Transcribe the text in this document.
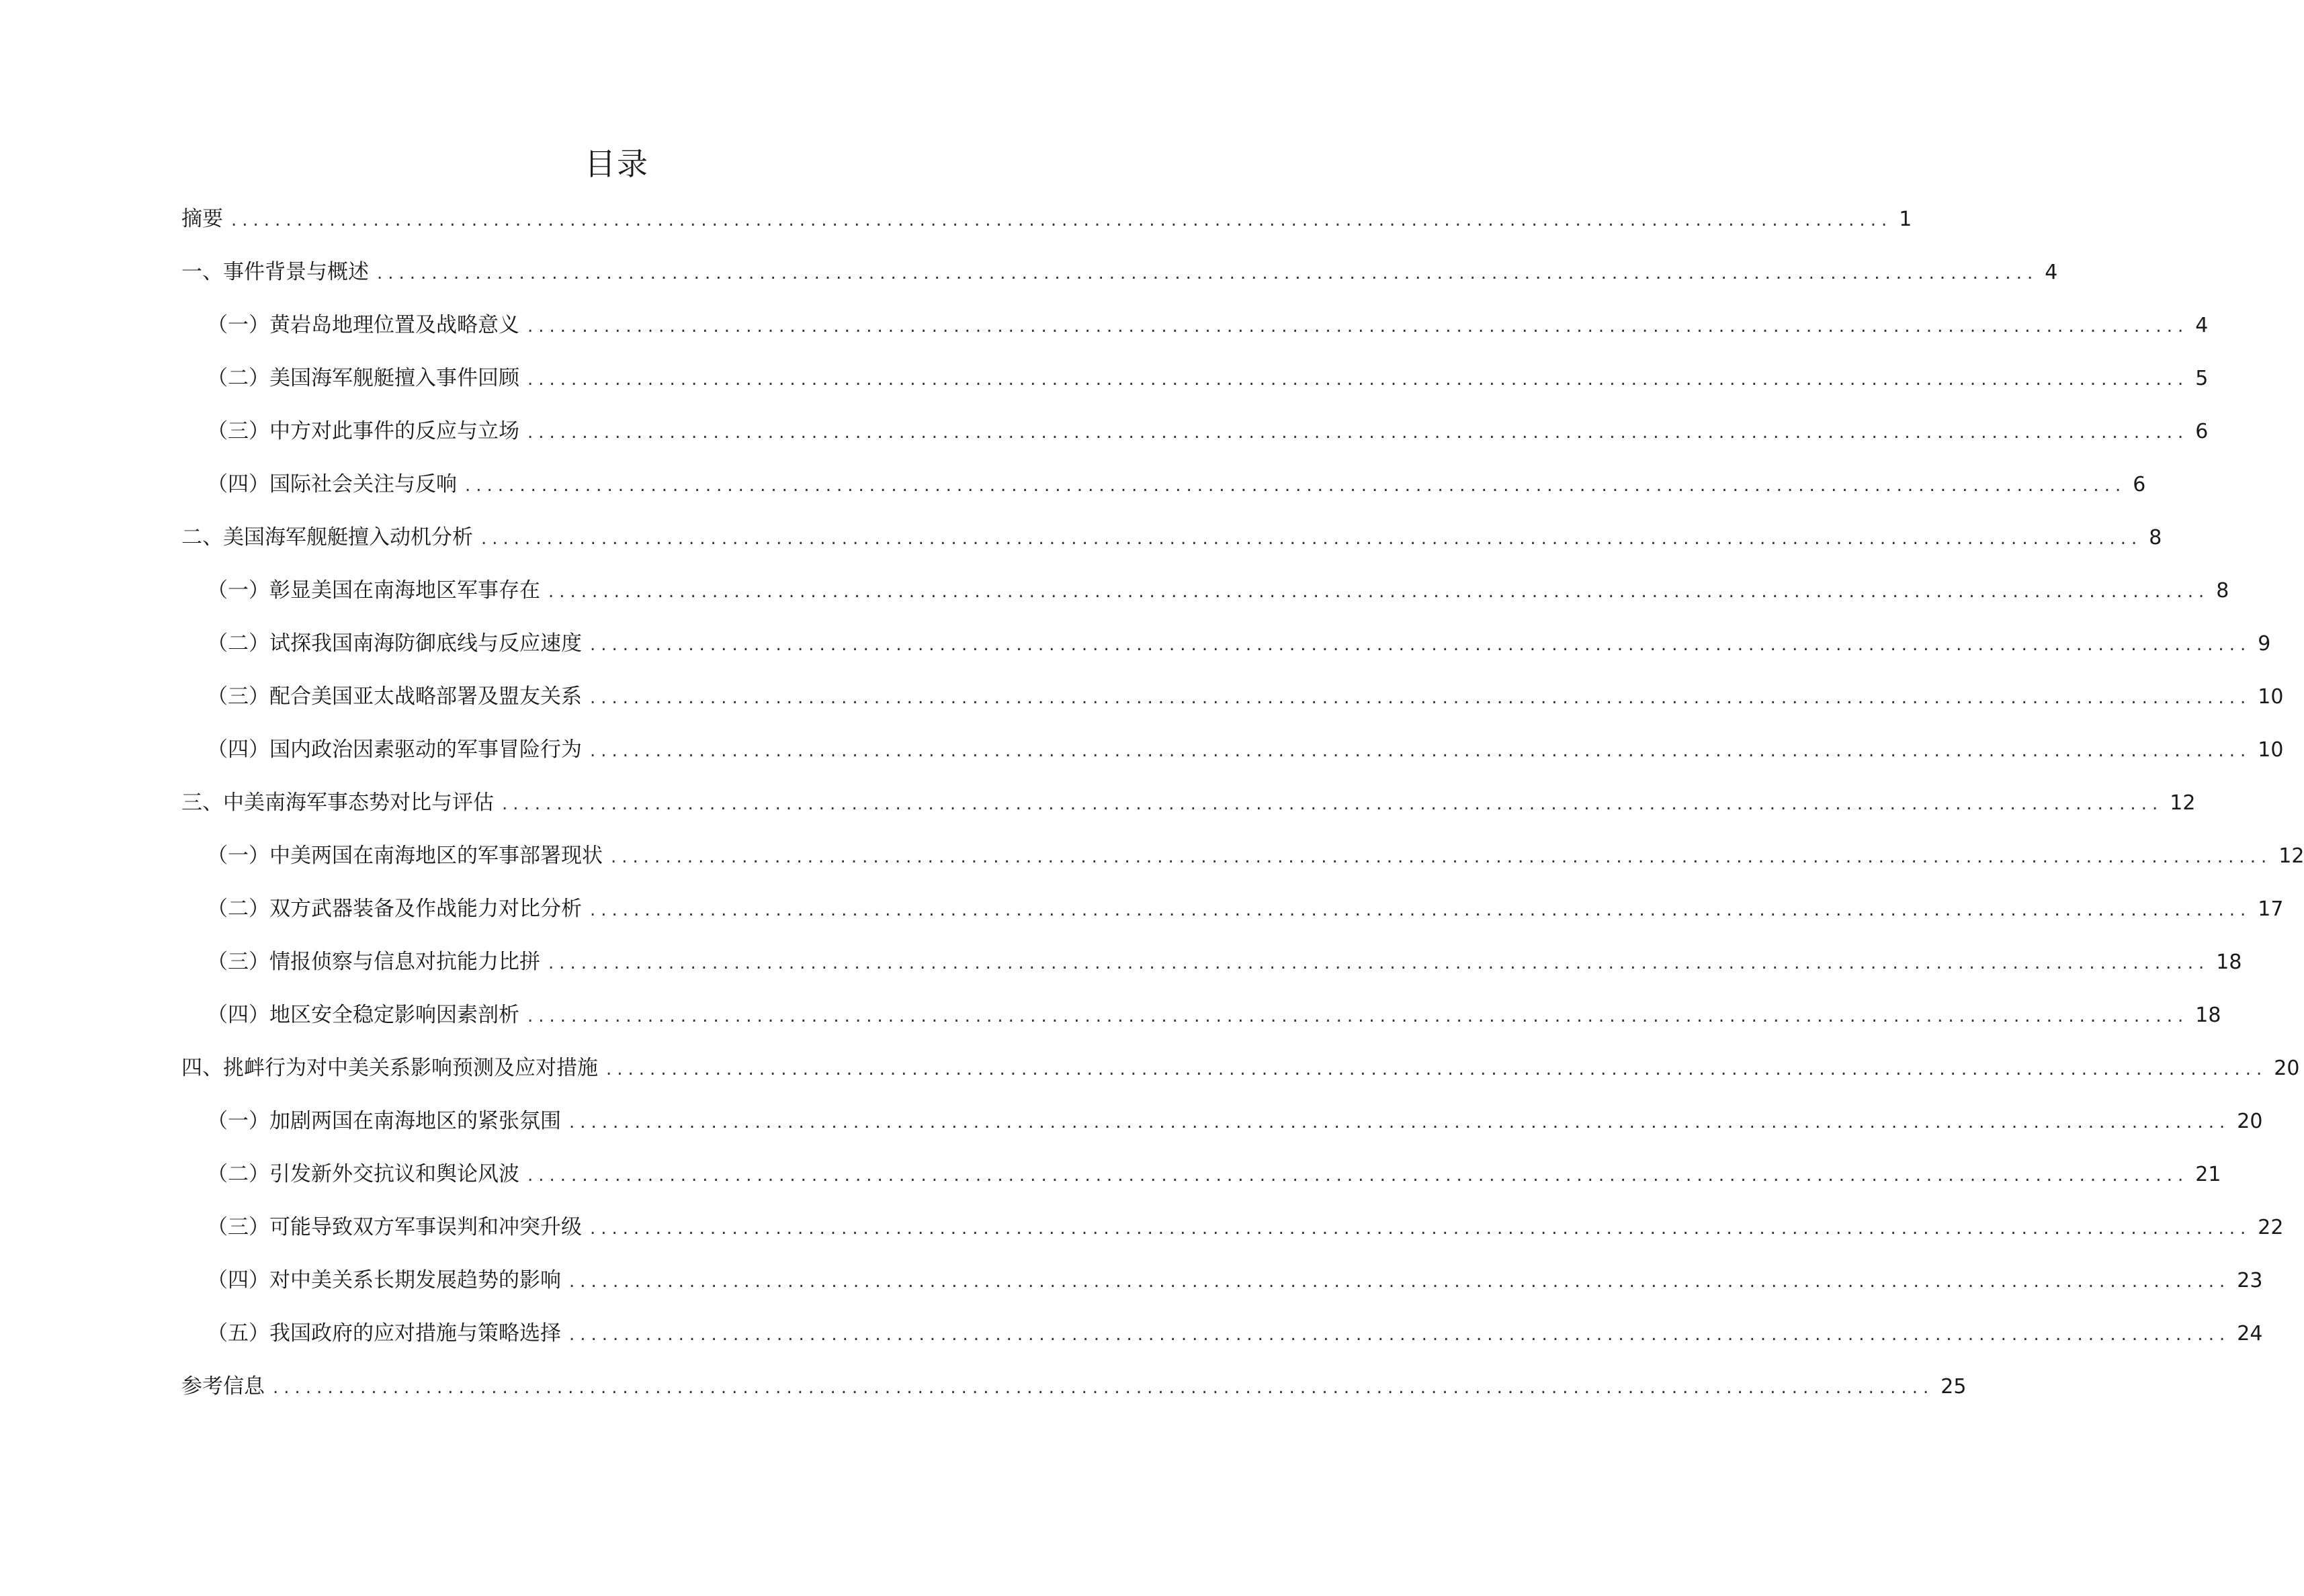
目录
摘要 ........................................................................................................................................................ 1
一、事件背景与概述 ........................................................................................................................................................ 4
（一）黄岩岛地理位置及战略意义 ........................................................................................................................................................ 4
（二）美国海军舰艇擅入事件回顾 ........................................................................................................................................................ 5
（三）中方对此事件的反应与立场 ........................................................................................................................................................ 6
（四）国际社会关注与反响 ........................................................................................................................................................ 6
二、美国海军舰艇擅入动机分析 ........................................................................................................................................................ 8
（一）彰显美国在南海地区军事存在 ........................................................................................................................................................ 8
（二）试探我国南海防御底线与反应速度 ........................................................................................................................................................ 9
（三）配合美国亚太战略部署及盟友关系 ........................................................................................................................................................ 10
（四）国内政治因素驱动的军事冒险行为 ........................................................................................................................................................ 10
三、中美南海军事态势对比与评估 ........................................................................................................................................................ 12
（一）中美两国在南海地区的军事部署现状 ........................................................................................................................................................ 12
（二）双方武器装备及作战能力对比分析 ........................................................................................................................................................ 17
（三）情报侦察与信息对抗能力比拼 ........................................................................................................................................................ 18
（四）地区安全稳定影响因素剖析 ........................................................................................................................................................ 18
四、挑衅行为对中美关系影响预测及应对措施 ........................................................................................................................................................ 20
（一）加剧两国在南海地区的紧张氛围 ........................................................................................................................................................ 20
（二）引发新外交抗议和舆论风波 ........................................................................................................................................................ 21
（三）可能导致双方军事误判和冲突升级 ........................................................................................................................................................ 22
（四）对中美关系长期发展趋势的影响 ........................................................................................................................................................ 23
（五）我国政府的应对措施与策略选择 ........................................................................................................................................................ 24
参考信息 ........................................................................................................................................................ 25
